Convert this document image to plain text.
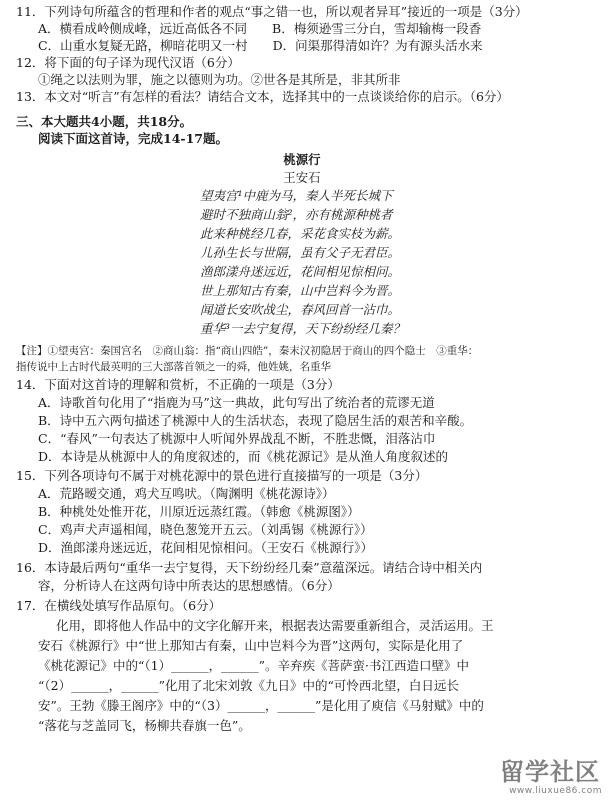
11．下列诗句所蕴含的哲理和作者的观点“事之错一也，所以观者异耳”接近的一项是（3分）
A．横看成岭侧成峰，远近高低各不同　　B．梅须逊雪三分白，雪却输梅一段香
C．山重水复疑无路，柳暗花明又一村　　D．问渠那得清如许？为有源头活水来
12．将下面的句子译为现代汉语（6分）
①绳之以法则为罪，施之以德则为功。②世各是其所是，非其所非
13．本文对“听言”有怎样的看法？请结合文本，选择其中的一点谈谈给你的启示。（6分）
三、本大题共4小题，共18分。
阅读下面这首诗，完成14-17题。
桃源行
王安石
望夷宫¹中鹿为马，秦人半死长城下
避时不独商山翁²，亦有桃源种桃者
此来种桃经几春，采花食实枝为薪。
儿孙生长与世隔，虽有父子无君臣。
渔郎漾舟迷远近，花间相见惊相问。
世上那知古有秦，山中岂料今为晋。
闻道长安吹战尘，春风回首一沾巾。
重华³一去宁复得，天下纷纷经几秦？
【注】①望夷宫：秦国宫名　②商山翁：指“商山四皓”，秦末汉初隐居于商山的四个隐士　③重华：
指传说中上古时代最英明的三大部落首领之一的舜，他姓姚，名重华
14．下面对这首诗的理解和赏析，不正确的一项是（3分）
A．诗歌首句化用了“指鹿为马”这一典故，此句写出了统治者的荒谬无道
B．诗中五六两句描述了桃源中人的生活状态，表现了隐居生活的艰苦和辛酸。
C．“春风”一句表达了桃源中人听闻外界战乱不断，不胜悲慨，泪落沾巾
D．本诗是从桃源中人的角度叙述的，而《桃花源记》是从渔人角度叙述的
15．下列各项诗句不属于对桃花源中的景色进行直接描写的一项是（3分）
A．荒路暧交通，鸡犬互鸣吠。（陶渊明《桃花源诗》）
B．种桃处处惟开花，川原近远蒸红霞。（韩愈《桃源图》）
C．鸡声犬声遥相闻，晓色葱笼开五云。（刘禹锡《桃源行》）
D．渔郎漾舟迷远近，花间相见惊相问。（王安石《桃源行》）
16．本诗最后两句“重华一去宁复得，天下纷纷经几秦”意蕴深远。请结合诗中相关内
容，分析诗人在这两句诗中所表达的思想感情。（6分）
17．在横线处填写作品原句。（6分）
化用，即将他人作品中的文字化解开来，根据表达需要重新组合，灵活运用。王
安石《桃源行》中“世上那知古有秦，山中岂料今为晋”这两句，实际是化用了
《桃花源记》中的“（1）______，______”。辛弃疾《菩萨蛮·书江西造口壁》中
“（2）______，______”化用了北宋刘敦《九日》中的“可怜西北望，白日远长
安”。王勃《滕王阁序》中的“（3）______，______”是化用了庾信《马射赋》中的
“落花与芝盖同飞，杨柳共春旗一色”。
留学社区
www.liuxue86.com
